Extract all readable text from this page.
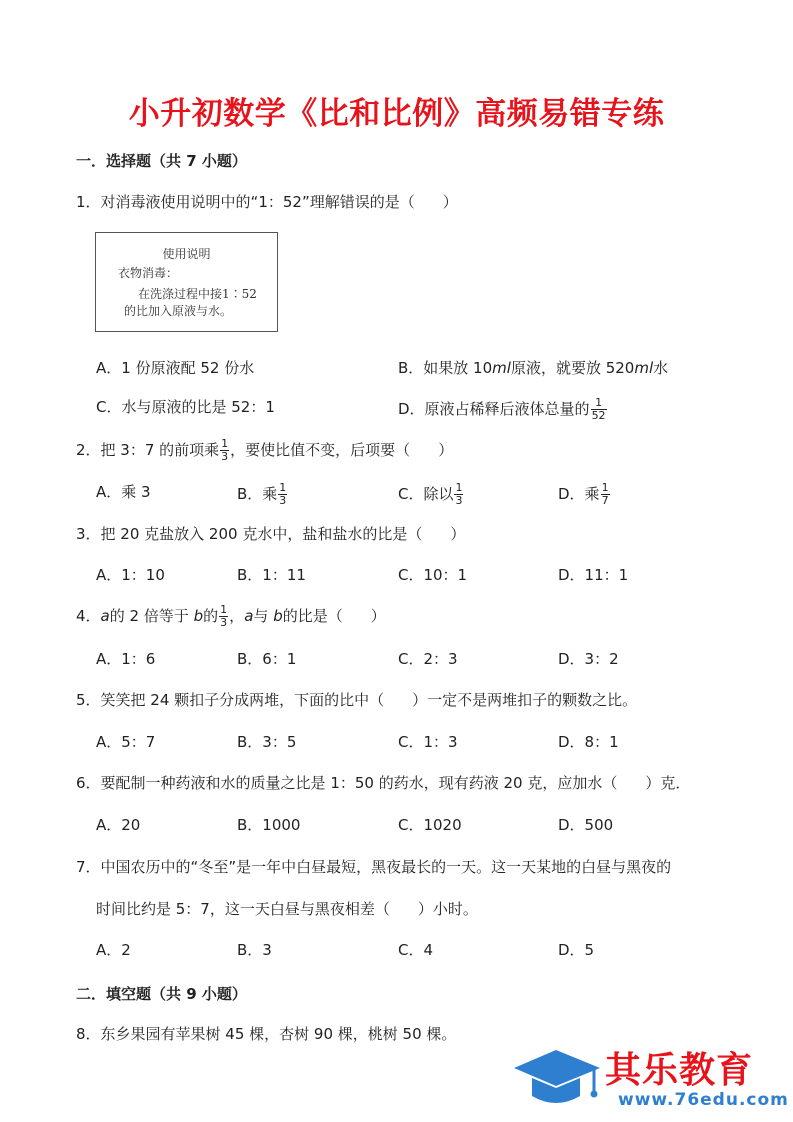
小升初数学《比和比例》高频易错专练
一．选择题（共 7 小题）
1．对消毒液使用说明中的“1：52”理解错误的是（ ）
使用说明
衣物消毒：
在洗涤过程中接1∶52
的比加入原液与水。
A．1 份原液配 52 份水	B．如果放 10ml原液，就要放 520ml水
C．水与原液的比是 52：1	D．原液占稀释后液体总量的 $\frac{1}{52}$
2．把 3：7 的前项乘 $\frac{1}{3}$ ，要使比值不变，后项要（ ）
A．乘 3	B．乘 $\frac{1}{3}$	C．除以 $\frac{1}{3}$	D．乘 $\frac{1}{7}$
3．把 20 克盐放入 200 克水中，盐和盐水的比是（ ）
A．1：10	B．1：11	C．10：1	D．11：1
4．a的 2 倍等于 b的 $\frac{1}{3}$ ，a与 b的比是（ ）
A．1：6	B．6：1	C．2：3	D．3：2
5．笑笑把 24 颗扣子分成两堆，下面的比中（ ）一定不是两堆扣子的颗数之比。
A．5：7	B．3：5	C．1：3	D．8：1
6．要配制一种药液和水的质量之比是 1：50 的药水，现有药液 20 克，应加水（ ）克．
A．20	B．1000	C．1020	D．500
7．中国农历中的“冬至”是一年中白昼最短，黑夜最长的一天。这一天某地的白昼与黑夜的
时间比约是 5：7，这一天白昼与黑夜相差（ ）小时。
A．2	B．3	C．4	D．5
二．填空题（共 9 小题）
8．东乡果园有苹果树 45 棵，杏树 90 棵，桃树 50 棵。
其乐教育
www.76edu.com
